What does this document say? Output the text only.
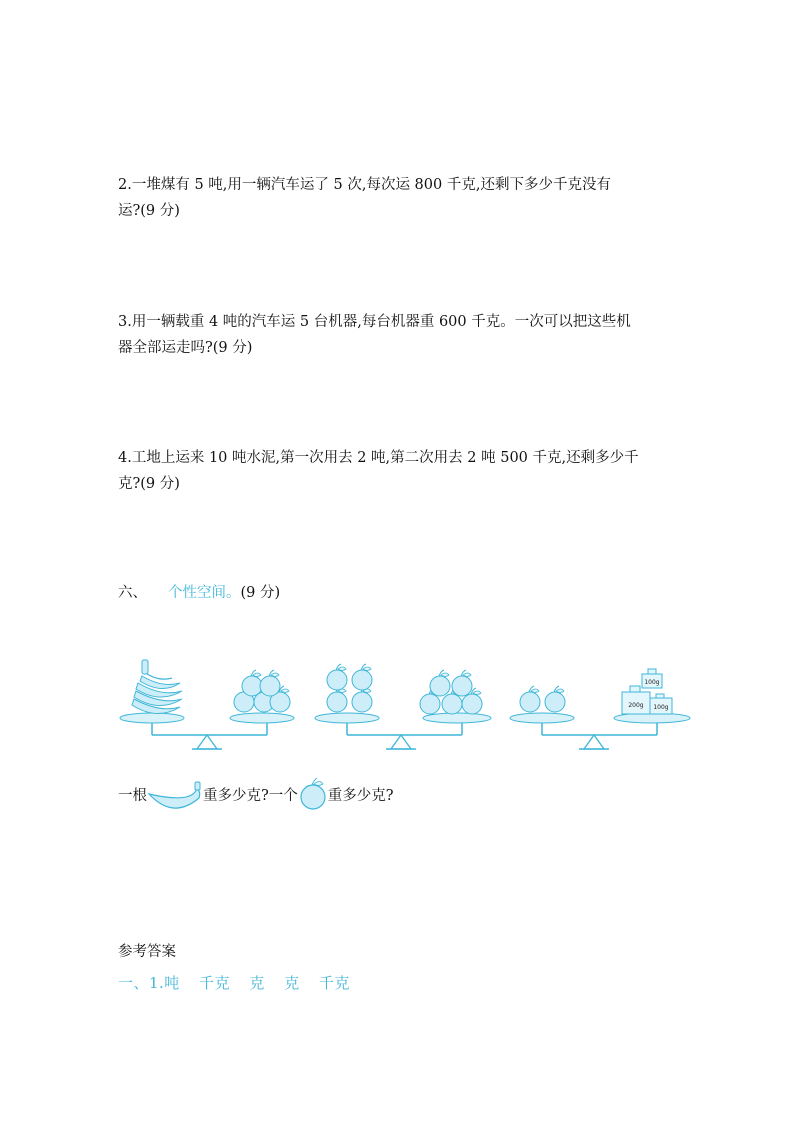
2.一堆煤有 5 吨,用一辆汽车运了 5 次,每次运 800 千克,还剩下多少千克没有
运?(9 分)
3.用一辆载重 4 吨的汽车运 5 台机器,每台机器重 600 千克。一次可以把这些机
器全部运走吗?(9 分)
4.工地上运来 10 吨水泥,第一次用去 2 吨,第二次用去 2 吨 500 千克,还剩多少千
克?(9 分)
六、 个性空间。(9 分)
100g
200g 100g
一根	重多少克?一个 重多少克?
参考答案
一、1.吨 千克 克 克 千克
